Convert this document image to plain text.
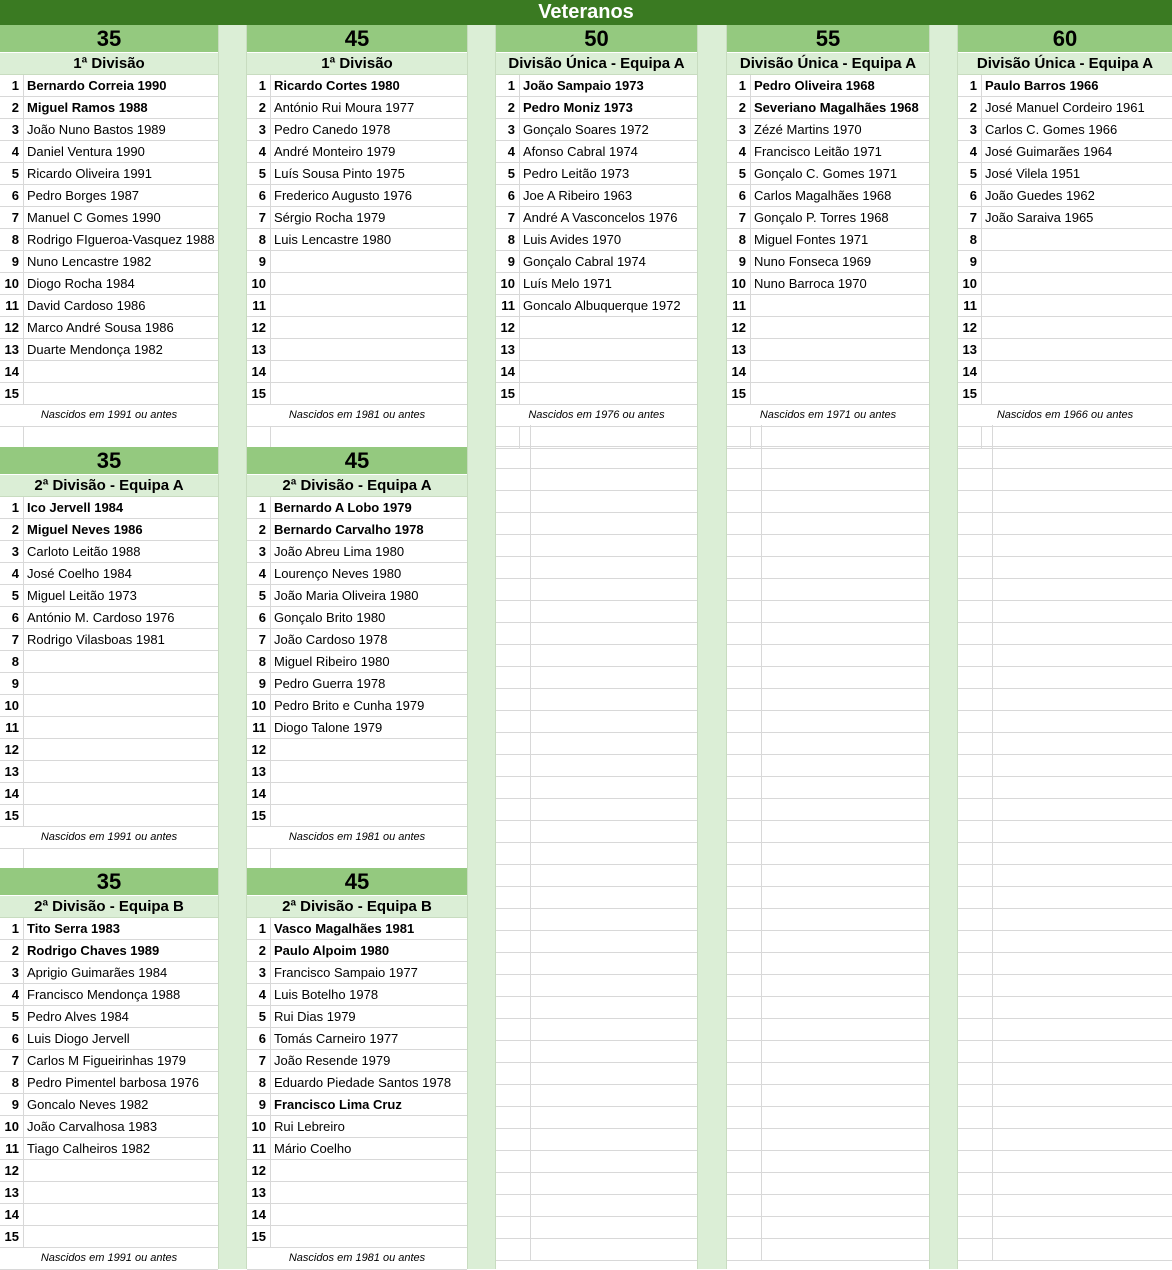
Veteranos
35
1ª Divisão
1 Bernardo Correia 1990
2 Miguel Ramos 1988
3 João Nuno Bastos 1989
4 Daniel Ventura 1990
5 Ricardo Oliveira 1991
6 Pedro Borges 1987
7 Manuel C Gomes 1990
8 Rodrigo FIgueroa-Vasquez 1988
9 Nuno Lencastre 1982
10 Diogo Rocha 1984
11 David Cardoso 1986
12 Marco André Sousa 1986
13 Duarte Mendonça 1982
14
15
Nascidos em 1991 ou antes
45
1ª Divisão
1 Ricardo Cortes 1980
2 António Rui Moura 1977
3 Pedro Canedo 1978
4 André Monteiro 1979
5 Luís Sousa Pinto 1975
6 Frederico Augusto 1976
7 Sérgio Rocha 1979
8 Luis Lencastre 1980
9
10
11
12
13
14
15
Nascidos em 1981 ou antes
50
Divisão Única - Equipa A
1 João Sampaio 1973
2 Pedro Moniz 1973
3 Gonçalo Soares 1972
4 Afonso Cabral 1974
5 Pedro Leitão 1973
6 Joe A Ribeiro 1963
7 André A Vasconcelos 1976
8 Luis Avides 1970
9 Gonçalo Cabral 1974
10 Luís Melo 1971
11 Goncalo Albuquerque 1972
12
13
14
15
Nascidos em 1976 ou antes
55
Divisão Única - Equipa A
1 Pedro Oliveira 1968
2 Severiano Magalhães 1968
3 Zézé Martins 1970
4 Francisco Leitão 1971
5 Gonçalo C. Gomes 1971
6 Carlos Magalhães 1968
7 Gonçalo P. Torres 1968
8 Miguel Fontes 1971
9 Nuno Fonseca 1969
10 Nuno Barroca 1970
11
12
13
14
15
Nascidos em 1971 ou antes
60
Divisão Única - Equipa A
1 Paulo Barros 1966
2 José Manuel Cordeiro 1961
3 Carlos C. Gomes 1966
4 José Guimarães 1964
5 José Vilela 1951
6 João Guedes 1962
7 João Saraiva 1965
8
9
10
11
12
13
14
15
Nascidos em 1966 ou antes
35
2ª Divisão - Equipa A
1 Ico Jervell 1984
2 Miguel Neves 1986
3 Carloto Leitão 1988
4 José Coelho 1984
5 Miguel Leitão 1973
6 António M. Cardoso 1976
7 Rodrigo Vilasboas 1981
8
9
10
11
12
13
14
15
Nascidos em 1991 ou antes
45
2ª Divisão - Equipa A
1 Bernardo A Lobo 1979
2 Bernardo Carvalho 1978
3 João Abreu Lima 1980
4 Lourenço Neves 1980
5 João Maria Oliveira 1980
6 Gonçalo Brito 1980
7 João Cardoso 1978
8 Miguel Ribeiro 1980
9 Pedro Guerra 1978
10 Pedro Brito e Cunha 1979
11 Diogo Talone 1979
12
13
14
15
Nascidos em 1981 ou antes
35
2ª Divisão - Equipa B
1 Tito Serra 1983
2 Rodrigo Chaves 1989
3 Aprigio Guimarães 1984
4 Francisco Mendonça 1988
5 Pedro Alves 1984
6 Luis Diogo Jervell
7 Carlos M Figueirinhas 1979
8 Pedro Pimentel barbosa 1976
9 Goncalo Neves 1982
10 João Carvalhosa 1983
11 Tiago Calheiros 1982
12
13
14
15
Nascidos em 1991 ou antes
45
2ª Divisão - Equipa B
1 Vasco Magalhães 1981
2 Paulo Alpoim 1980
3 Francisco Sampaio 1977
4 Luis Botelho 1978
5 Rui Dias 1979
6 Tomás Carneiro 1977
7 João Resende 1979
8 Eduardo Piedade Santos 1978
9 Francisco Lima Cruz
10 Rui Lebreiro
11 Mário Coelho
12
13
14
15
Nascidos em 1981 ou antes
